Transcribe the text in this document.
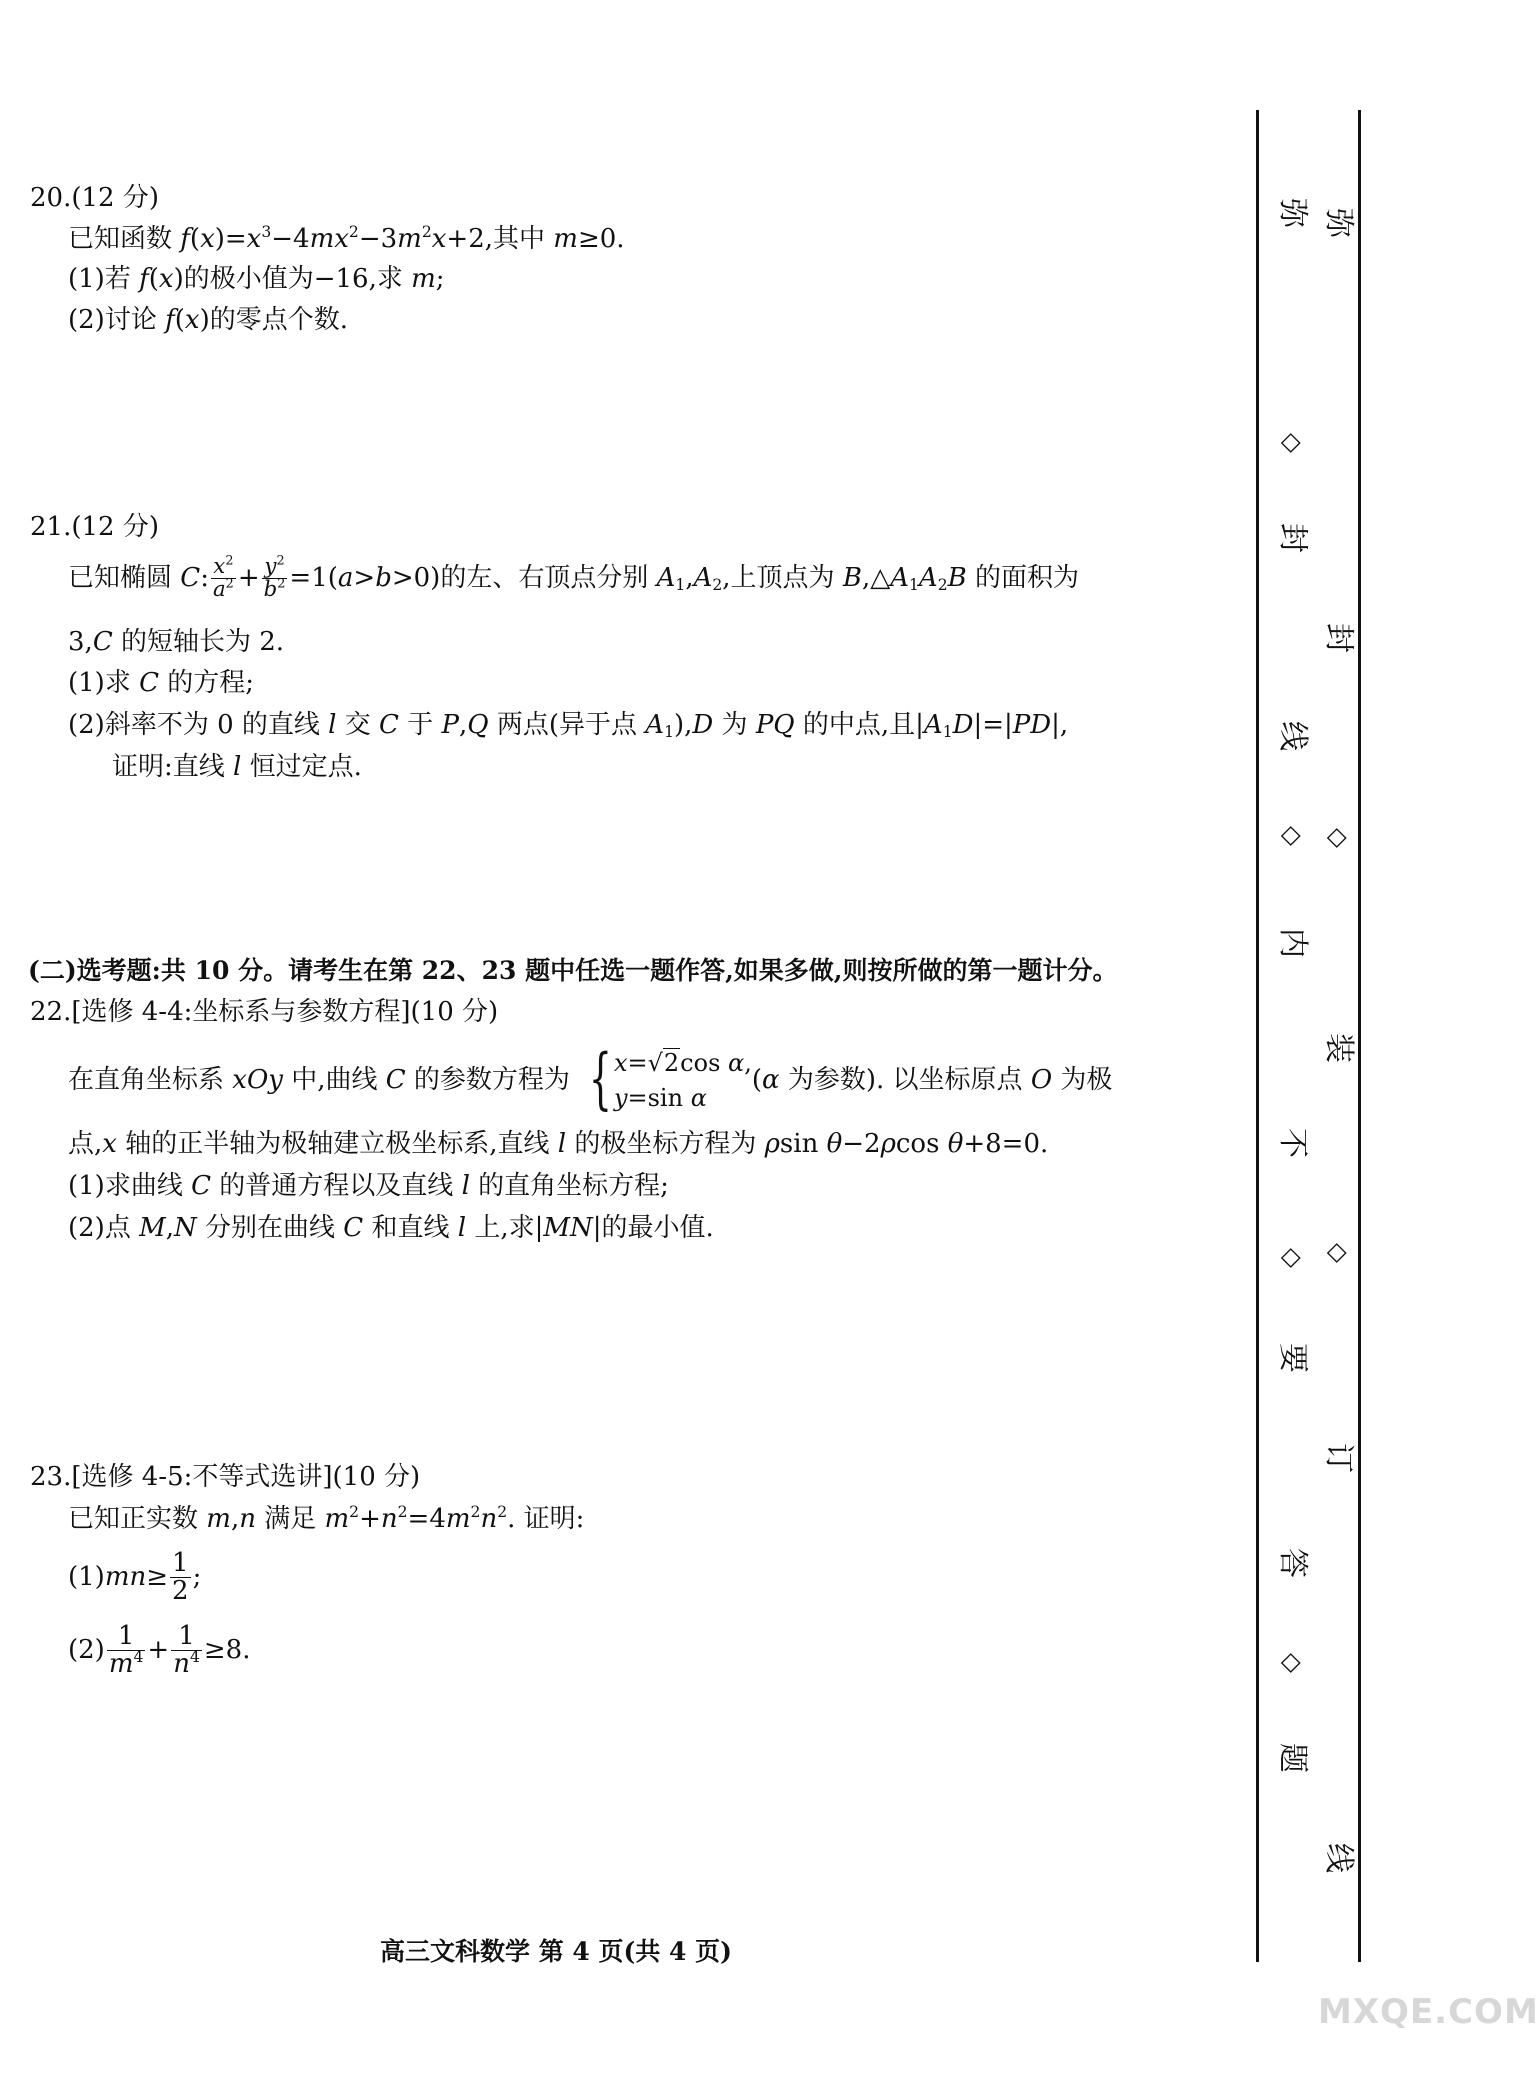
20.(12 分)
已知函数 $f(x)=x^3-4mx^2-3m^2x+2$,其中 m≥0.
(1)若 f(x)的极小值为−16,求 m;
(2)讨论 f(x)的零点个数.
21.(12 分)
已知椭圆 C: $\frac{x^2}{a^2} + \frac{y^2}{b^2} =1(a>b>0)$的左、右顶点分别 $A_1,A_2$,上顶点为 $B,\triangle A_1A_2B$ 的面积为
3,C 的短轴长为 2.
(1)求 C 的方程;
(2)斜率不为 0 的直线 l 交 C 于 P,Q 两点(异于点 $A_1),D$ 为 PQ 的中点,且$|A_1D|=|PD|$,
证明:直线 l 恒过定点.
(二)选考题:共 10 分。请考生在第 22、23 题中任选一题作答,如果多做,则按所做的第一题计分。
22.[选修 4-4:坐标系与参数方程](10 分)
在直角坐标系 xOy 中,曲线 C 的参数方程为 { x=√2cos α,
y=sin α
(α 为参数). 以坐标原点 O 为极
点,x 轴的正半轴为极轴建立极坐标系,直线 l 的极坐标方程为 ρsin θ−2ρcos θ+8=0.
(1)求曲线 C 的普通方程以及直线 l 的直角坐标方程;
(2)点 M,N 分别在曲线 C 和直线 l 上,求|MN|的最小值.
23.[选修 4-5:不等式选讲](10 分)
已知正实数 m,n 满足 $m^2+n^2=4m^2n^2$. 证明:
(1) mn ≥ $\frac{1}{2}$ ;
$(2) \frac{1}{m^4} + \frac{1}{n^4} \ge 8$.
高三文科数学 第 4 页(共 4 页)
弥
◇
封
线
◇
内
不
◇
要
答
◇
题
弥
封
◇
装
◇
订
线
MXQE.COM
